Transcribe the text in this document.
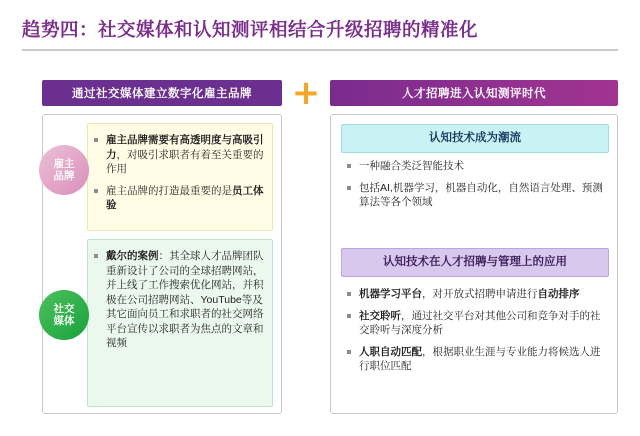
趋势四：社交媒体和认知测评相结合升级招聘的精准化
通过社交媒体建立数字化雇主品牌	+	人才招聘进入认知测评时代
雇主
品牌
社交
媒体
雇主品牌需要有高透明度与高吸引力，对吸引求职者有着至关重要的作用
雇主品牌的打造最重要的是员工体验
戴尔的案例：其全球人才品牌团队重新设计了公司的全球招聘网站，并上线了工作搜索优化网站，并积极在公司招聘网站、YouTube等及其它面向员工和求职者的社交网络平台宣传以求职者为焦点的文章和视频
认知技术成为潮流
一种融合类泛智能技术
包括AI,机器学习，机器自动化，自然语言处理、预测算法等各个领域
认知技术在人才招聘与管理上的应用
机器学习平台，对开放式招聘申请进行自动排序
社交聆听，通过社交平台对其他公司和竞争对手的社交聆听与深度分析
人职自动匹配，根据职业生涯与专业能力将候选人进行职位匹配
